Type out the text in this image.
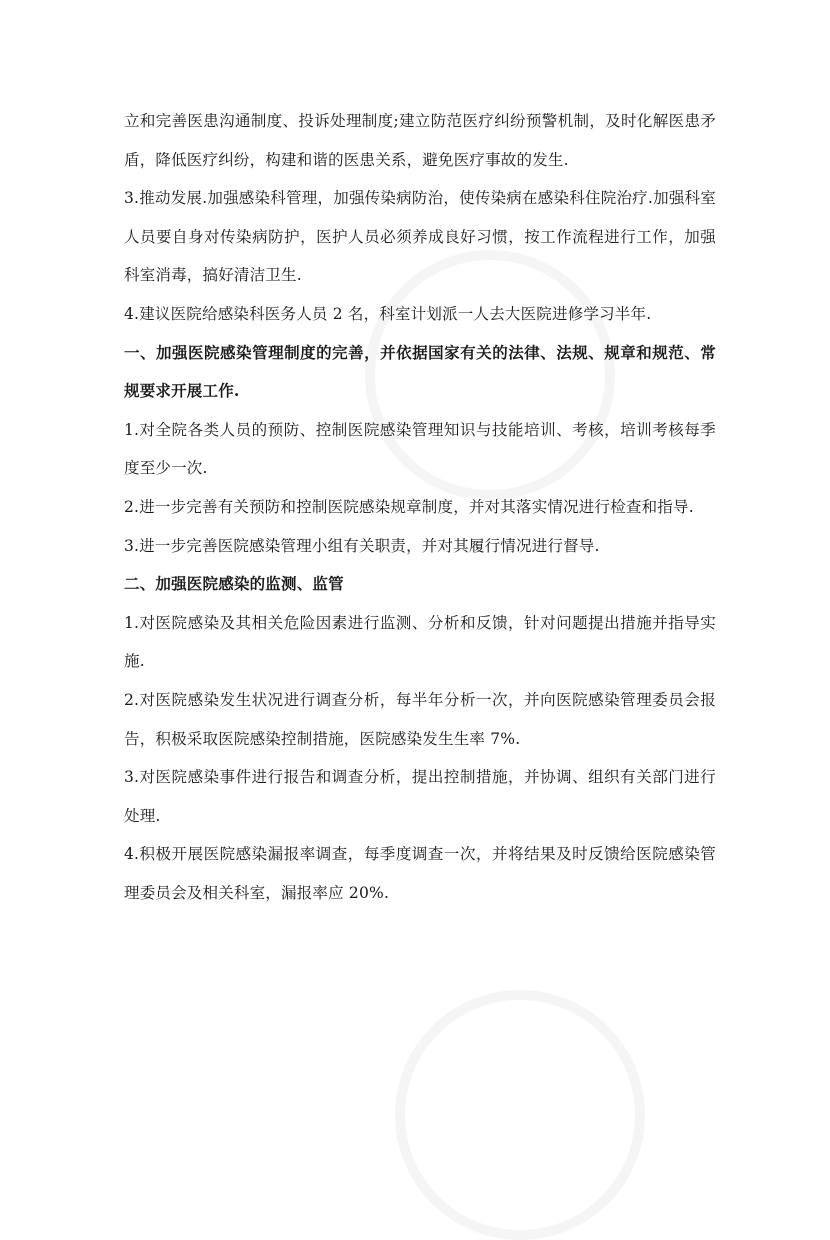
立和完善医患沟通制度、投诉处理制度;建立防范医疗纠纷预警机制，及时化解医患矛盾，降低医疗纠纷，构建和谐的医患关系，避免医疗事故的发生.

3.推动发展.加强感染科管理，加强传染病防治，使传染病在感染科住院治疗.加强科室人员要自身对传染病防护，医护人员必须养成良好习惯，按工作流程进行工作，加强科室消毒，搞好清洁卫生.

4.建议医院给感染科医务人员 2 名，科室计划派一人去大医院进修学习半年.

一、加强医院感染管理制度的完善，并依据国家有关的法律、法规、规章和规范、常规要求开展工作.

1.对全院各类人员的预防、控制医院感染管理知识与技能培训、考核，培训考核每季度至少一次.

2.进一步完善有关预防和控制医院感染规章制度，并对其落实情况进行检查和指导.

3.进一步完善医院感染管理小组有关职责，并对其履行情况进行督导.

二、加强医院感染的监测、监管

1.对医院感染及其相关危险因素进行监测、分析和反馈，针对问题提出措施并指导实施.

2.对医院感染发生状况进行调查分析，每半年分析一次，并向医院感染管理委员会报告，积极采取医院感染控制措施，医院感染发生生率 7%.

3.对医院感染事件进行报告和调查分析，提出控制措施，并协调、组织有关部门进行处理.

4.积极开展医院感染漏报率调查，每季度调查一次，并将结果及时反馈给医院感染管理委员会及相关科室，漏报率应 20%.
